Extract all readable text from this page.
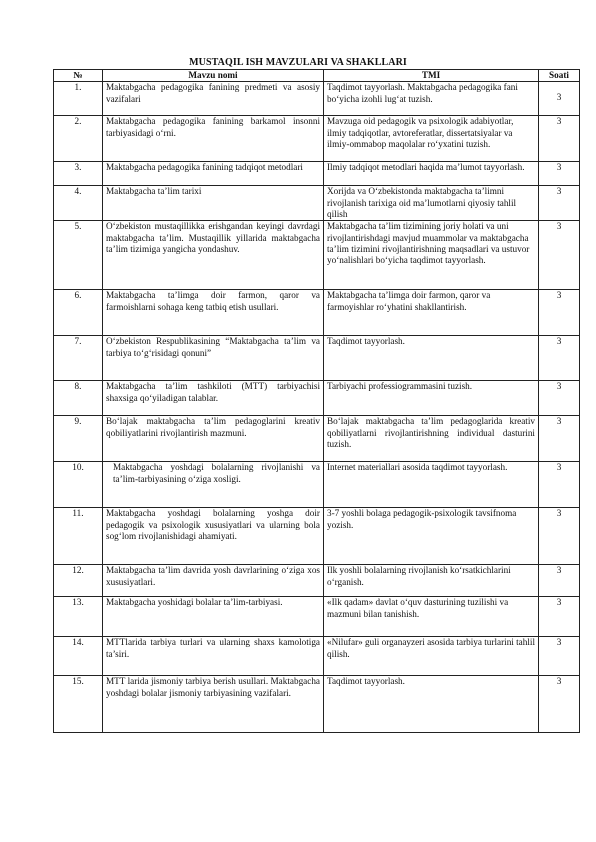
MUSTAQIL ISH MAVZULARI VA SHAKLLARI
№	Mavzu nomi	TMI	Soati
1.	Maktabgacha pedagogika fanining predmeti va asosiy vazifalari	Taqdimot tayyorlash. Maktabgacha pedagogika fani bo‘yicha izohli lug‘at tuzish.	3
2.	Maktabgacha pedagogika fanining barkamol insonni tarbiyasidagi o‘rni.	Mavzuga oid pedagogik va psixologik adabiyotlar, ilmiy tadqiqotlar, avtoreferatlar, dissertatsiyalar va ilmiy-ommabop maqolalar ro‘yxatini tuzish.	3
3.	Maktabgacha pedagogika fanining tadqiqot metodlari	Ilmiy tadqiqot metodlari haqida ma’lumot tayyorlash.	3
4.	Maktabgacha ta’lim tarixi	Xorijda va O‘zbekistonda maktabgacha ta’limni rivojlanish tarixiga oid ma’lumotlarni qiyosiy tahlil qilish	3
5.	O‘zbekiston mustaqillikka erishgandan keyingi davrdagi maktabgacha ta’lim. Mustaqillik yillarida maktabgacha ta’lim tizimiga yangicha yondashuv.	Maktabgacha ta’lim tizimining joriy holati va uni rivojlantirishdagi mavjud muammolar va maktabgacha ta’lim tizimini rivojlantirishning maqsadlari va ustuvor yo‘nalishlari bo‘yicha taqdimot tayyorlash.	3
6.	Maktabgacha ta’limga doir farmon, qaror va farmoishlarni sohaga keng tatbiq etish usullari.	Maktabgacha ta’limga doir farmon, qaror va farmoyishlar ro‘yhatini shakllantirish.	3
7.	O‘zbekiston Respublikasining “Maktabgacha ta’lim va tarbiya to‘g‘risidagi qonuni”	Taqdimot tayyorlash.	3
8.	Maktabgacha ta’lim tashkiloti (MTT) tarbiyachisi shaxsiga qo‘yiladigan talablar.	Tarbiyachi professiogrammasini tuzish.	3
9.	Bo‘lajak maktabgacha ta’lim pedagoglarini kreativ qobiliyatlarini rivojlantirish mazmuni.	Bo‘lajak maktabgacha ta’lim pedagoglarida kreativ qobiliyatlarni rivojlantirishning individual dasturini tuzish.	3
10.	Maktabgacha yoshdagi bolalarning rivojlanishi va ta’lim-tarbiyasining o‘ziga xosligi.	Internet materiallari asosida taqdimot tayyorlash.	3
11.	Maktabgacha yoshdagi bolalarning yoshga doir pedagogik va psixologik xususiyatlari va ularning bola sog‘lom rivojlanishidagi ahamiyati.	3-7 yoshli bolaga pedagogik-psixologik tavsifnoma yozish.	3
12.	Maktabgacha ta’lim davrida yosh davrlarining o‘ziga xos xususiyatlari.	Ilk yoshli bolalarning rivojlanish ko‘rsatkichlarini o‘rganish.	3
13.	Maktabgacha yoshidagi bolalar ta’lim-tarbiyasi.	«Ilk qadam» davlat o‘quv dasturining tuzilishi va mazmuni bilan tanishish.	3
14.	MTTlarida tarbiya turlari va ularning shaxs kamolotiga ta’siri.	«Nilufar» guli organayzeri asosida tarbiya turlarini tahlil qilish.	3
15.	MTT larida jismoniy tarbiya berish usullari. Maktabgacha yoshdagi bolalar jismoniy tarbiyasining vazifalari.	Taqdimot tayyorlash.	3
